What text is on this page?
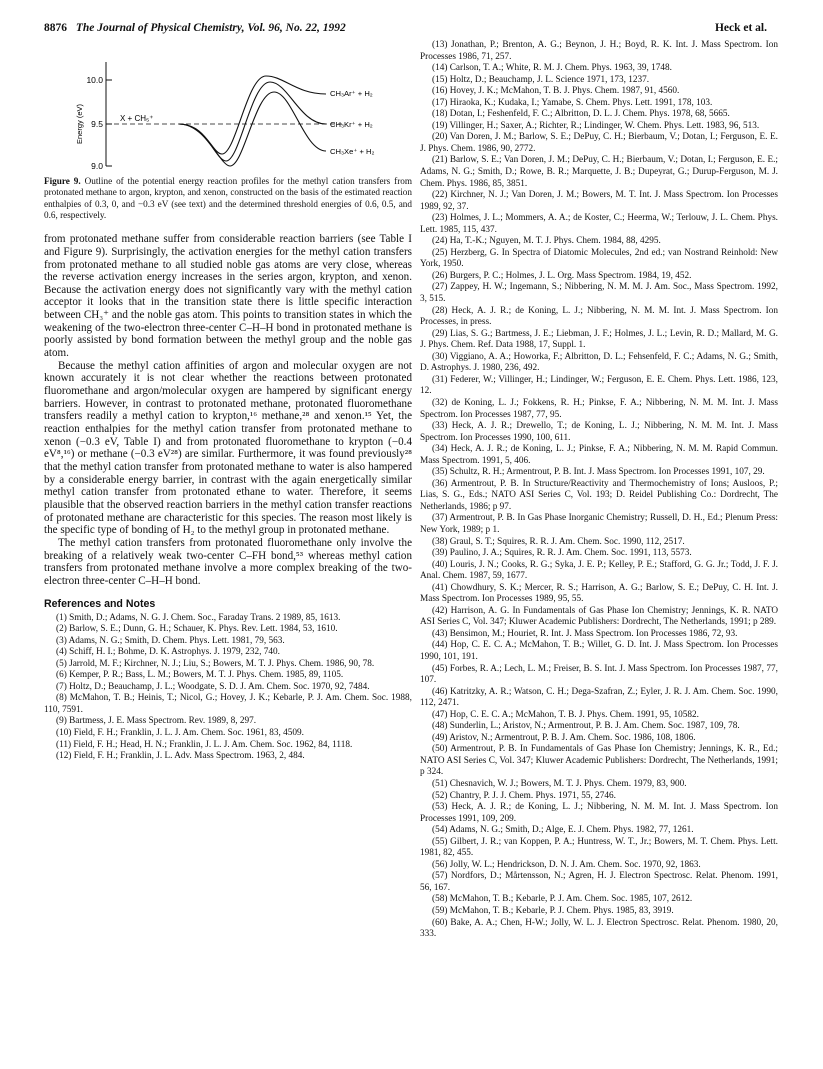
8876 The Journal of Physical Chemistry, Vol. 96, No. 22, 1992	Heck et al.
10.0
9.5
9.0
Energy (eV)	X + CH₅⁺
CH₃Ar⁺ + H₂
CH₃Kr⁺ + H₂
CH₃Xe⁺ + H₂
Figure 9. Outline of the potential energy reaction profiles for the methyl cation transfers from protonated methane to argon, krypton, and xenon, constructed on the basis of the estimated reaction enthalpies of 0.3, 0, and −0.3 eV (see text) and the determined threshold energies of 0.6, 0.5, and 0.6, respectively.

from protonated methane suffer from considerable reaction barriers (see Table I and Figure 9). Surprisingly, the activation energies for the methyl cation transfers from protonated methane to all studied noble gas atoms are very close, whereas the reverse activation energy increases in the series argon, krypton, and xenon. Because the activation energy does not significantly vary with the methyl cation acceptor it looks that in the transition state there is little specific interaction between CH₃⁺ and the noble gas atom. This points to transition states in which the weakening of the two-electron three-center C–H–H bond in protonated methane is poorly assisted by bond formation between the methyl group and the noble gas atom.

Because the methyl cation affinities of argon and molecular oxygen are not known accurately it is not clear whether the reactions between protonated fluoromethane and argon/molecular oxygen are hampered by significant energy barriers. However, in contrast to protonated methane, protonated fluoromethane transfers readily a methyl cation to krypton,¹⁶ methane,²⁸ and xenon.¹⁵ Yet, the reaction enthalpies for the methyl cation transfer from protonated methane to xenon (−0.3 eV, Table I) and from protonated fluoromethane to krypton (−0.4 eV⁸,¹⁶) or methane (−0.3 eV²⁸) are similar. Furthermore, it was found previously²⁸ that the methyl cation transfer from protonated methane to water is also hampered by a considerable energy barrier, in contrast with the again energetically similar methyl cation transfer from protonated ethane to water. Therefore, it seems plausible that the observed reaction barriers in the methyl cation transfer reactions of protonated methane are characteristic for this species. The reason most likely is the specific type of bonding of H₂ to the methyl group in protonated methane.

The methyl cation transfers from protonated fluoromethane only involve the breaking of a relatively weak two-center C–FH bond,⁵³ whereas methyl cation transfers from protonated methane involve a more complex breaking of the two-electron three-center C–H–H bond.

References and Notes

(1) Smith, D.; Adams, N. G. J. Chem. Soc., Faraday Trans. 2 1989, 85, 1613.

(2) Barlow, S. E.; Dunn, G. H.; Schauer, K. Phys. Rev. Lett. 1984, 53, 1610.

(3) Adams, N. G.; Smith, D. Chem. Phys. Lett. 1981, 79, 563.

(4) Schiff, H. I.; Bohme, D. K. Astrophys. J. 1979, 232, 740.

(5) Jarrold, M. F.; Kirchner, N. J.; Liu, S.; Bowers, M. T. J. Phys. Chem. 1986, 90, 78.

(6) Kemper, P. R.; Bass, L. M.; Bowers, M. T. J. Phys. Chem. 1985, 89, 1105.

(7) Holtz, D.; Beauchamp, J. L.; Woodgate, S. D. J. Am. Chem. Soc. 1970, 92, 7484.

(8) McMahon, T. B.; Heinis, T.; Nicol, G.; Hovey, J. K.; Kebarle, P. J. Am. Chem. Soc. 1988, 110, 7591.

(9) Bartmess, J. E. Mass Spectrom. Rev. 1989, 8, 297.

(10) Field, F. H.; Franklin, J. L. J. Am. Chem. Soc. 1961, 83, 4509.

(11) Field, F. H.; Head, H. N.; Franklin, J. L. J. Am. Chem. Soc. 1962, 84, 1118.

(12) Field, F. H.; Franklin, J. L. Adv. Mass Spectrom. 1963, 2, 484.

(13) Jonathan, P.; Brenton, A. G.; Beynon, J. H.; Boyd, R. K. Int. J. Mass Spectrom. Ion Processes 1986, 71, 257.

(14) Carlson, T. A.; White, R. M. J. Chem. Phys. 1963, 39, 1748.

(15) Holtz, D.; Beauchamp, J. L. Science 1971, 173, 1237.

(16) Hovey, J. K.; McMahon, T. B. J. Phys. Chem. 1987, 91, 4560.

(17) Hiraoka, K.; Kudaka, I.; Yamabe, S. Chem. Phys. Lett. 1991, 178, 103.

(18) Dotan, I.; Feshenfeld, F. C.; Albritton, D. L. J. Chem. Phys. 1978, 68, 5665.

(19) Villinger, H.; Saxer, A.; Richter, R.; Lindinger, W. Chem. Phys. Lett. 1983, 96, 513.

(20) Van Doren, J. M.; Barlow, S. E.; DePuy, C. H.; Bierbaum, V.; Dotan, I.; Ferguson, E. E. J. Phys. Chem. 1986, 90, 2772.

(21) Barlow, S. E.; Van Doren, J. M.; DePuy, C. H.; Bierbaum, V.; Dotan, I.; Ferguson, E. E.; Adams, N. G.; Smith, D.; Rowe, B. R.; Marquette, J. B.; Dupeyrat, G.; Durup-Ferguson, M. J. Chem. Phys. 1986, 85, 3851.

(22) Kirchner, N. J.; Van Doren, J. M.; Bowers, M. T. Int. J. Mass Spectrom. Ion Processes 1989, 92, 37.

(23) Holmes, J. L.; Mommers, A. A.; de Koster, C.; Heerma, W.; Terlouw, J. L. Chem. Phys. Lett. 1985, 115, 437.

(24) Ha, T.-K.; Nguyen, M. T. J. Phys. Chem. 1984, 88, 4295.

(25) Herzberg, G. In Spectra of Diatomic Molecules, 2nd ed.; van Nostrand Reinhold: New York, 1950.

(26) Burgers, P. C.; Holmes, J. L. Org. Mass Spectrom. 1984, 19, 452.

(27) Zappey, H. W.; Ingemann, S.; Nibbering, N. M. M. J. Am. Soc., Mass Spectrom. 1992, 3, 515.

(28) Heck, A. J. R.; de Koning, L. J.; Nibbering, N. M. M. Int. J. Mass Spectrom. Ion Processes, in press.

(29) Lias, S. G.; Bartmess, J. E.; Liebman, J. F.; Holmes, J. L.; Levin, R. D.; Mallard, M. G. J. Phys. Chem. Ref. Data 1988, 17, Suppl. 1.

(30) Viggiano, A. A.; Howorka, F.; Albritton, D. L.; Fehsenfeld, F. C.; Adams, N. G.; Smith, D. Astrophys. J. 1980, 236, 492.

(31) Federer, W.; Villinger, H.; Lindinger, W.; Ferguson, E. E. Chem. Phys. Lett. 1986, 123, 12.

(32) de Koning, L. J.; Fokkens, R. H.; Pinkse, F. A.; Nibbering, N. M. M. Int. J. Mass Spectrom. Ion Processes 1987, 77, 95.

(33) Heck, A. J. R.; Drewello, T.; de Koning, L. J.; Nibbering, N. M. M. Int. J. Mass Spectrom. Ion Processes 1990, 100, 611.

(34) Heck, A. J. R.; de Koning, L. J.; Pinkse, F. A.; Nibbering, N. M. M. Rapid Commun. Mass Spectrom. 1991, 5, 406.

(35) Schultz, R. H.; Armentrout, P. B. Int. J. Mass Spectrom. Ion Processes 1991, 107, 29.

(36) Armentrout, P. B. In Structure/Reactivity and Thermochemistry of Ions; Ausloos, P.; Lias, S. G., Eds.; NATO ASI Series C, Vol. 193; D. Reidel Publishing Co.: Dordrecht, The Netherlands, 1986; p 97.

(37) Armentrout, P. B. In Gas Phase Inorganic Chemistry; Russell, D. H., Ed.; Plenum Press: New York, 1989; p 1.

(38) Graul, S. T.; Squires, R. R. J. Am. Chem. Soc. 1990, 112, 2517.

(39) Paulino, J. A.; Squires, R. R. J. Am. Chem. Soc. 1991, 113, 5573.

(40) Louris, J. N.; Cooks, R. G.; Syka, J. E. P.; Kelley, P. E.; Stafford, G. G. Jr.; Todd, J. F. J. Anal. Chem. 1987, 59, 1677.

(41) Chowdhury, S. K.; Mercer, R. S.; Harrison, A. G.; Barlow, S. E.; DePuy, C. H. Int. J. Mass Spectrom. Ion Processes 1989, 95, 55.

(42) Harrison, A. G. In Fundamentals of Gas Phase Ion Chemistry; Jennings, K. R. NATO ASI Series C, Vol. 347; Kluwer Academic Publishers: Dordrecht, The Netherlands, 1991; p 289.

(43) Bensimon, M.; Houriet, R. Int. J. Mass Spectrom. Ion Processes 1986, 72, 93.

(44) Hop, C. E. C. A.; McMahon, T. B.; Willet, G. D. Int. J. Mass Spectrom. Ion Processes 1990, 101, 191.

(45) Forbes, R. A.; Lech, L. M.; Freiser, B. S. Int. J. Mass Spectrom. Ion Processes 1987, 77, 107.

(46) Katritzky, A. R.; Watson, C. H.; Dega-Szafran, Z.; Eyler, J. R. J. Am. Chem. Soc. 1990, 112, 2471.

(47) Hop, C. E. C. A.; McMahon, T. B. J. Phys. Chem. 1991, 95, 10582.

(48) Sunderlin, L.; Aristov, N.; Armentrout, P. B. J. Am. Chem. Soc. 1987, 109, 78.

(49) Aristov, N.; Armentrout, P. B. J. Am. Chem. Soc. 1986, 108, 1806.

(50) Armentrout, P. B. In Fundamentals of Gas Phase Ion Chemistry; Jennings, K. R., Ed.; NATO ASI Series C, Vol. 347; Kluwer Academic Publishers: Dordrecht, The Netherlands, 1991; p 324.

(51) Chesnavich, W. J.; Bowers, M. T. J. Phys. Chem. 1979, 83, 900.

(52) Chantry, P. J. J. Chem. Phys. 1971, 55, 2746.

(53) Heck, A. J. R.; de Koning, L. J.; Nibbering, N. M. M. Int. J. Mass Spectrom. Ion Processes 1991, 109, 209.

(54) Adams, N. G.; Smith, D.; Alge, E. J. Chem. Phys. 1982, 77, 1261.

(55) Gilbert, J. R.; van Koppen, P. A.; Huntress, W. T., Jr.; Bowers, M. T. Chem. Phys. Lett. 1981, 82, 455.

(56) Jolly, W. L.; Hendrickson, D. N. J. Am. Chem. Soc. 1970, 92, 1863.

(57) Nordfors, D.; Mårtensson, N.; Agren, H. J. Electron Spectrosc. Relat. Phenom. 1991, 56, 167.

(58) McMahon, T. B.; Kebarle, P. J. Am. Chem. Soc. 1985, 107, 2612.

(59) McMahon, T. B.; Kebarle, P. J. Chem. Phys. 1985, 83, 3919.

(60) Bake, A. A.; Chen, H-W.; Jolly, W. L. J. Electron Spectrosc. Relat. Phenom. 1980, 20, 333.
